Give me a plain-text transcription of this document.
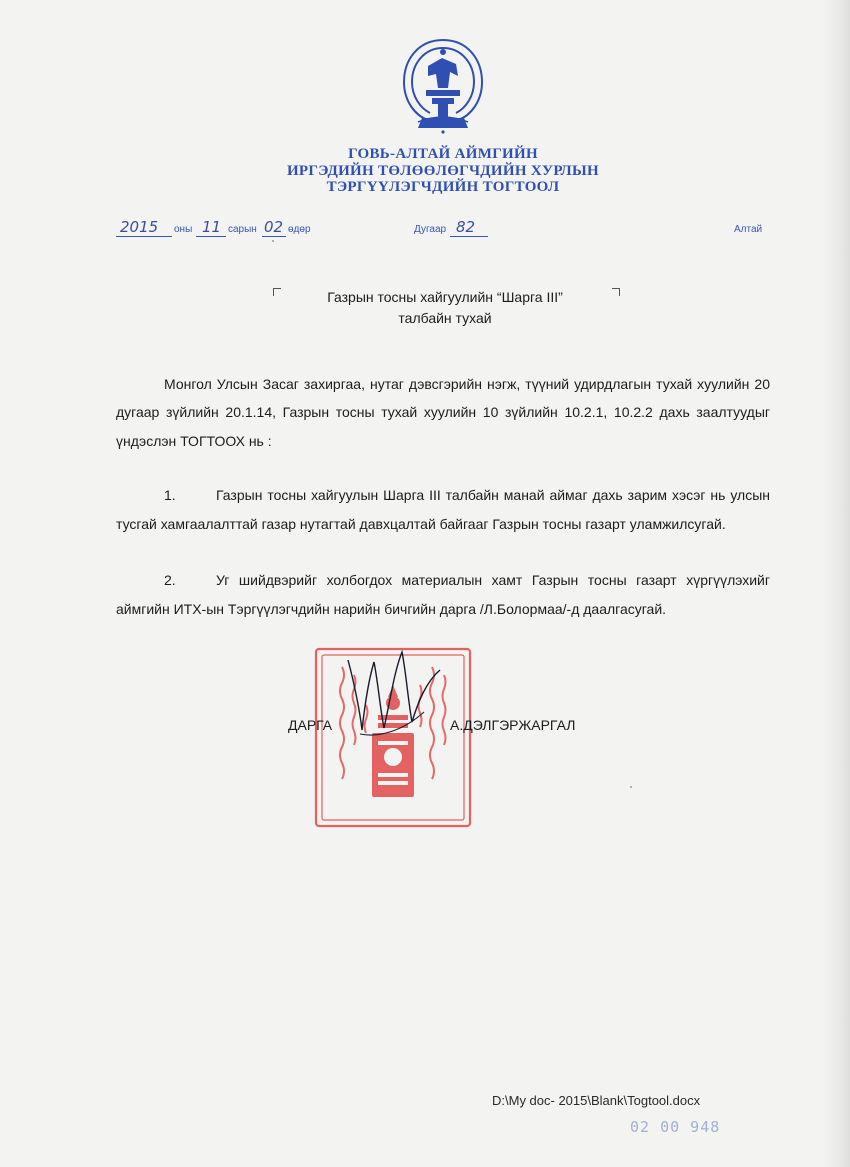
ГОВЬ-АЛТАЙ АЙМГИЙН
ИРГЭДИЙН ТӨЛӨӨЛӨГЧДИЙН ХУРЛЫН
ТЭРГҮҮЛЭГЧДИЙН ТОГТООЛ
2015 оны 11 сарын 02 өдөр	Дугаар 82	Алтай
Газрын тосны хайгуулийн “Шарга III”
талбайн тухай
Монгол Улсын Засаг захиргаа, нутаг дэвсгэрийн нэгж, түүний удирдлагын тухай хуулийн 20 дугаар зүйлийн 20.1.14, Газрын тосны тухай хуулийн 10 зүйлийн 10.2.1, 10.2.2 дахь заалтуудыг үндэслэн ТОГТООХ нь :
1.	Газрын тосны хайгуулын Шарга III талбайн манай аймаг дахь зарим хэсэг нь улсын тусгай хамгаалалттай газар нутагтай давхцалтай байгааг Газрын тосны газарт уламжилсугай.
2.	Уг шийдвэрийг холбогдох материалын хамт Газрын тосны газарт хүргүүлэхийг аймгийн ИТХ-ын Тэргүүлэгчдийн нарийн бичгийн дарга /Л.Болормаа/-д даалгасугай.
ДАРГА	А.ДЭЛГЭРЖАРГАЛ
D:\My doc- 2015\Blank\Togtool.docx
02 00 948
